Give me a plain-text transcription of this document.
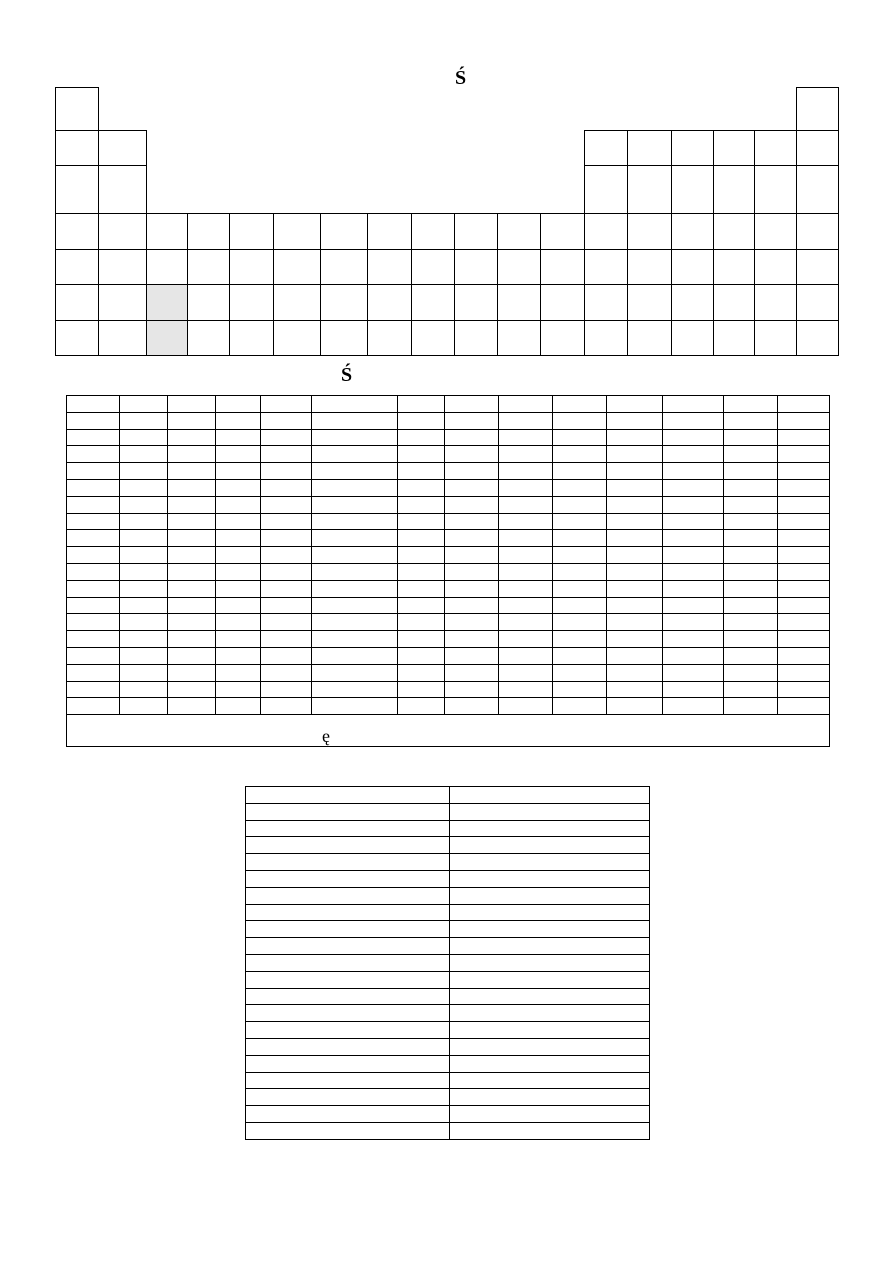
Ś
Ś

ę													
